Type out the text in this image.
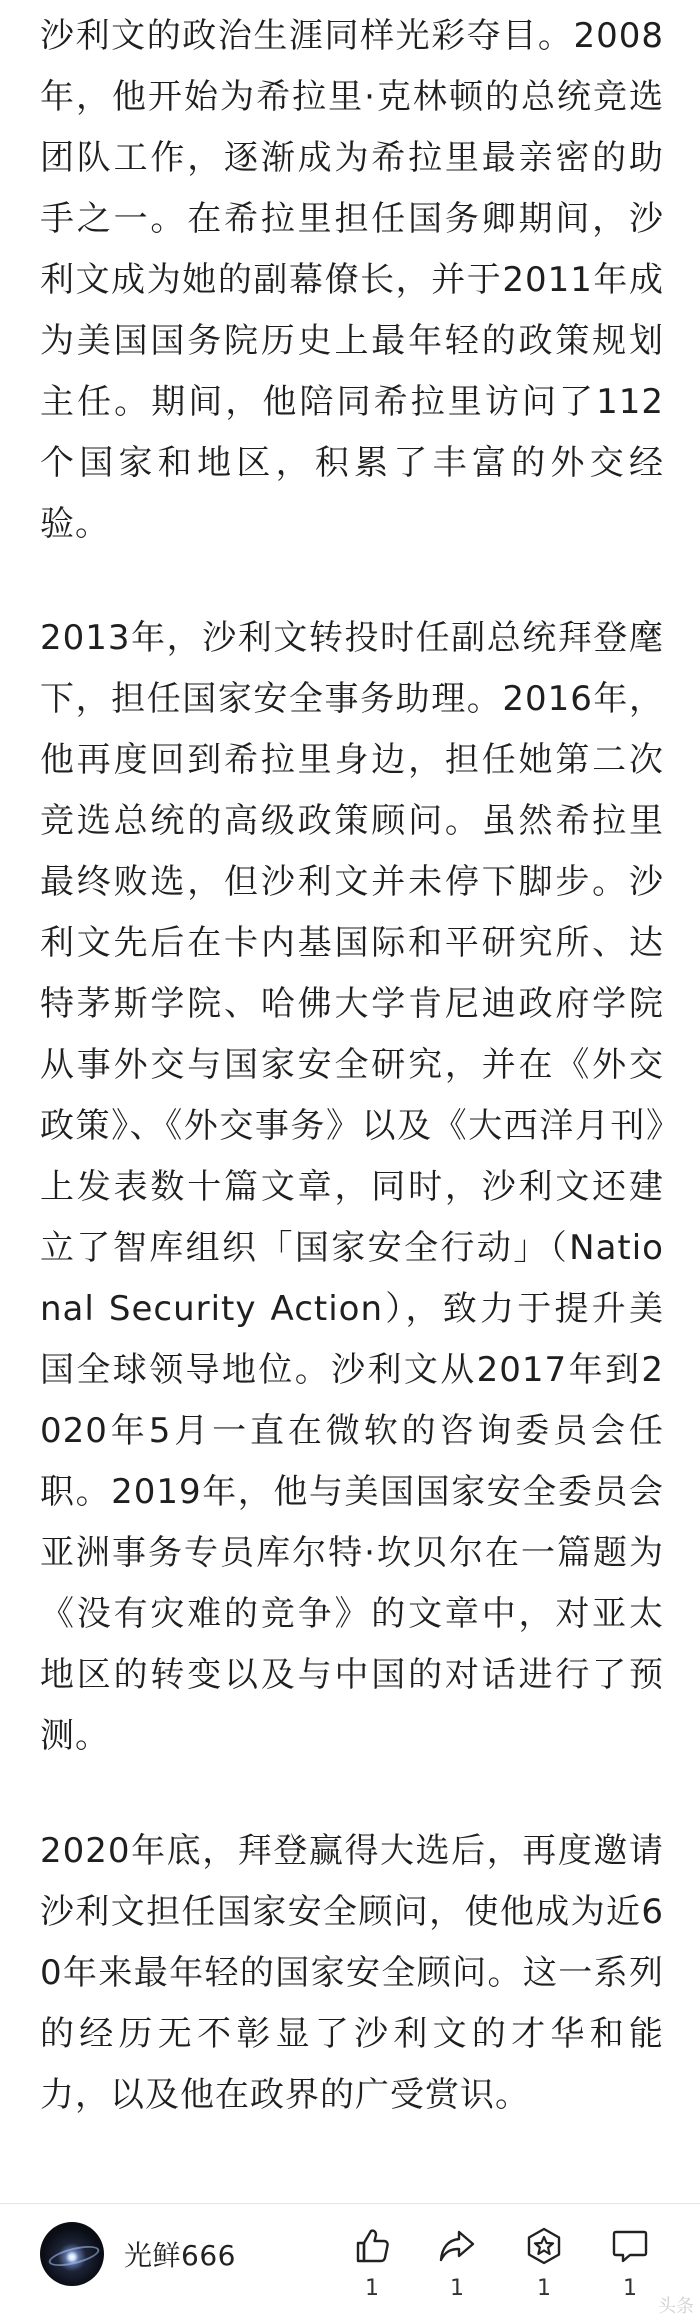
沙利文的政治生涯同样光彩夺目。2008年，他开始为希拉里·克林顿的总统竞选团队工作，逐渐成为希拉里最亲密的助手之一。在希拉里担任国务卿期间，沙利文成为她的副幕僚长，并于2011年成为美国国务院历史上最年轻的政策规划主任。期间，他陪同希拉里访问了112个国家和地区，积累了丰富的外交经验。

2013年，沙利文转投时任副总统拜登麾下，担任国家安全事务助理。2016年，他再度回到希拉里身边，担任她第二次竞选总统的高级政策顾问。虽然希拉里最终败选，但沙利文并未停下脚步。沙利文先后在卡内基国际和平研究所、达特茅斯学院、哈佛大学肯尼迪政府学院从事外交与国家安全研究，并在《外交政策》、《外交事务》以及《大西洋月刊》上发表数十篇文章，同时，沙利文还建立了智库组织「国家安全行动」（National Security Action），致力于提升美国全球领导地位。沙利文从2017年到2020年5月一直在微软的咨询委员会任职。2019年，他与美国国家安全委员会亚洲事务专员库尔特·坎贝尔在一篇题为《没有灾难的竞争》的文章中，对亚太地区的转变以及与中国的对话进行了预测。

2020年底，拜登赢得大选后，再度邀请沙利文担任国家安全顾问，使他成为近60年来最年轻的国家安全顾问。这一系列的经历无不彰显了沙利文的才华和能力，以及他在政界的广受赏识。

光鲜666
1	1	1	1
头条
